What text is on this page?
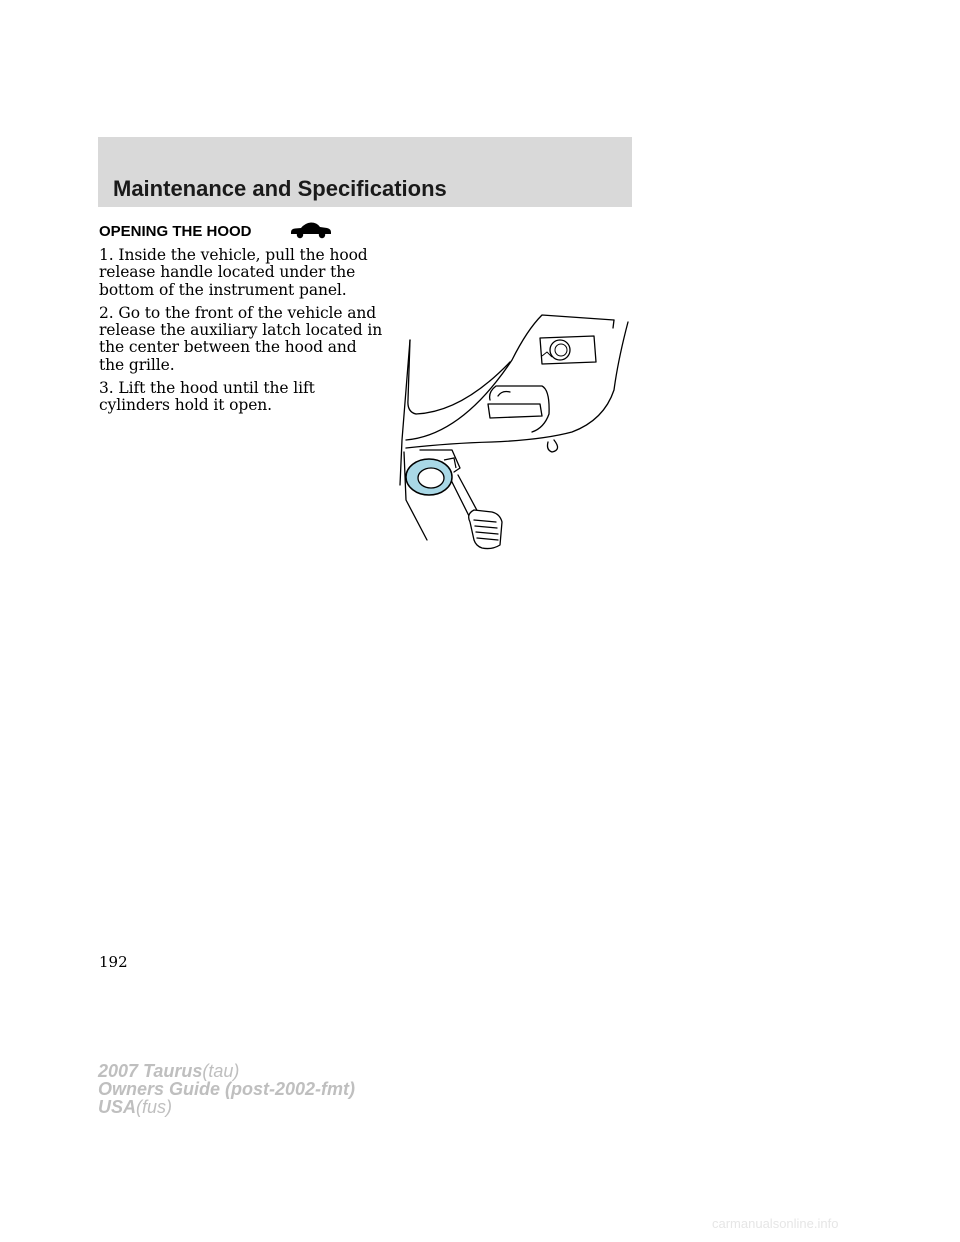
Maintenance and Specifications
OPENING THE HOOD

1. Inside the vehicle, pull the hood release handle located under the bottom of the instrument panel.

2. Go to the front of the vehicle and release the auxiliary latch located in the center between the hood and the grille.

3. Lift the hood until the lift cylinders hold it open.

192
2007 Taurus(tau)
Owners Guide (post-2002-fmt)
USA(fus)
carmanualsonline.info
